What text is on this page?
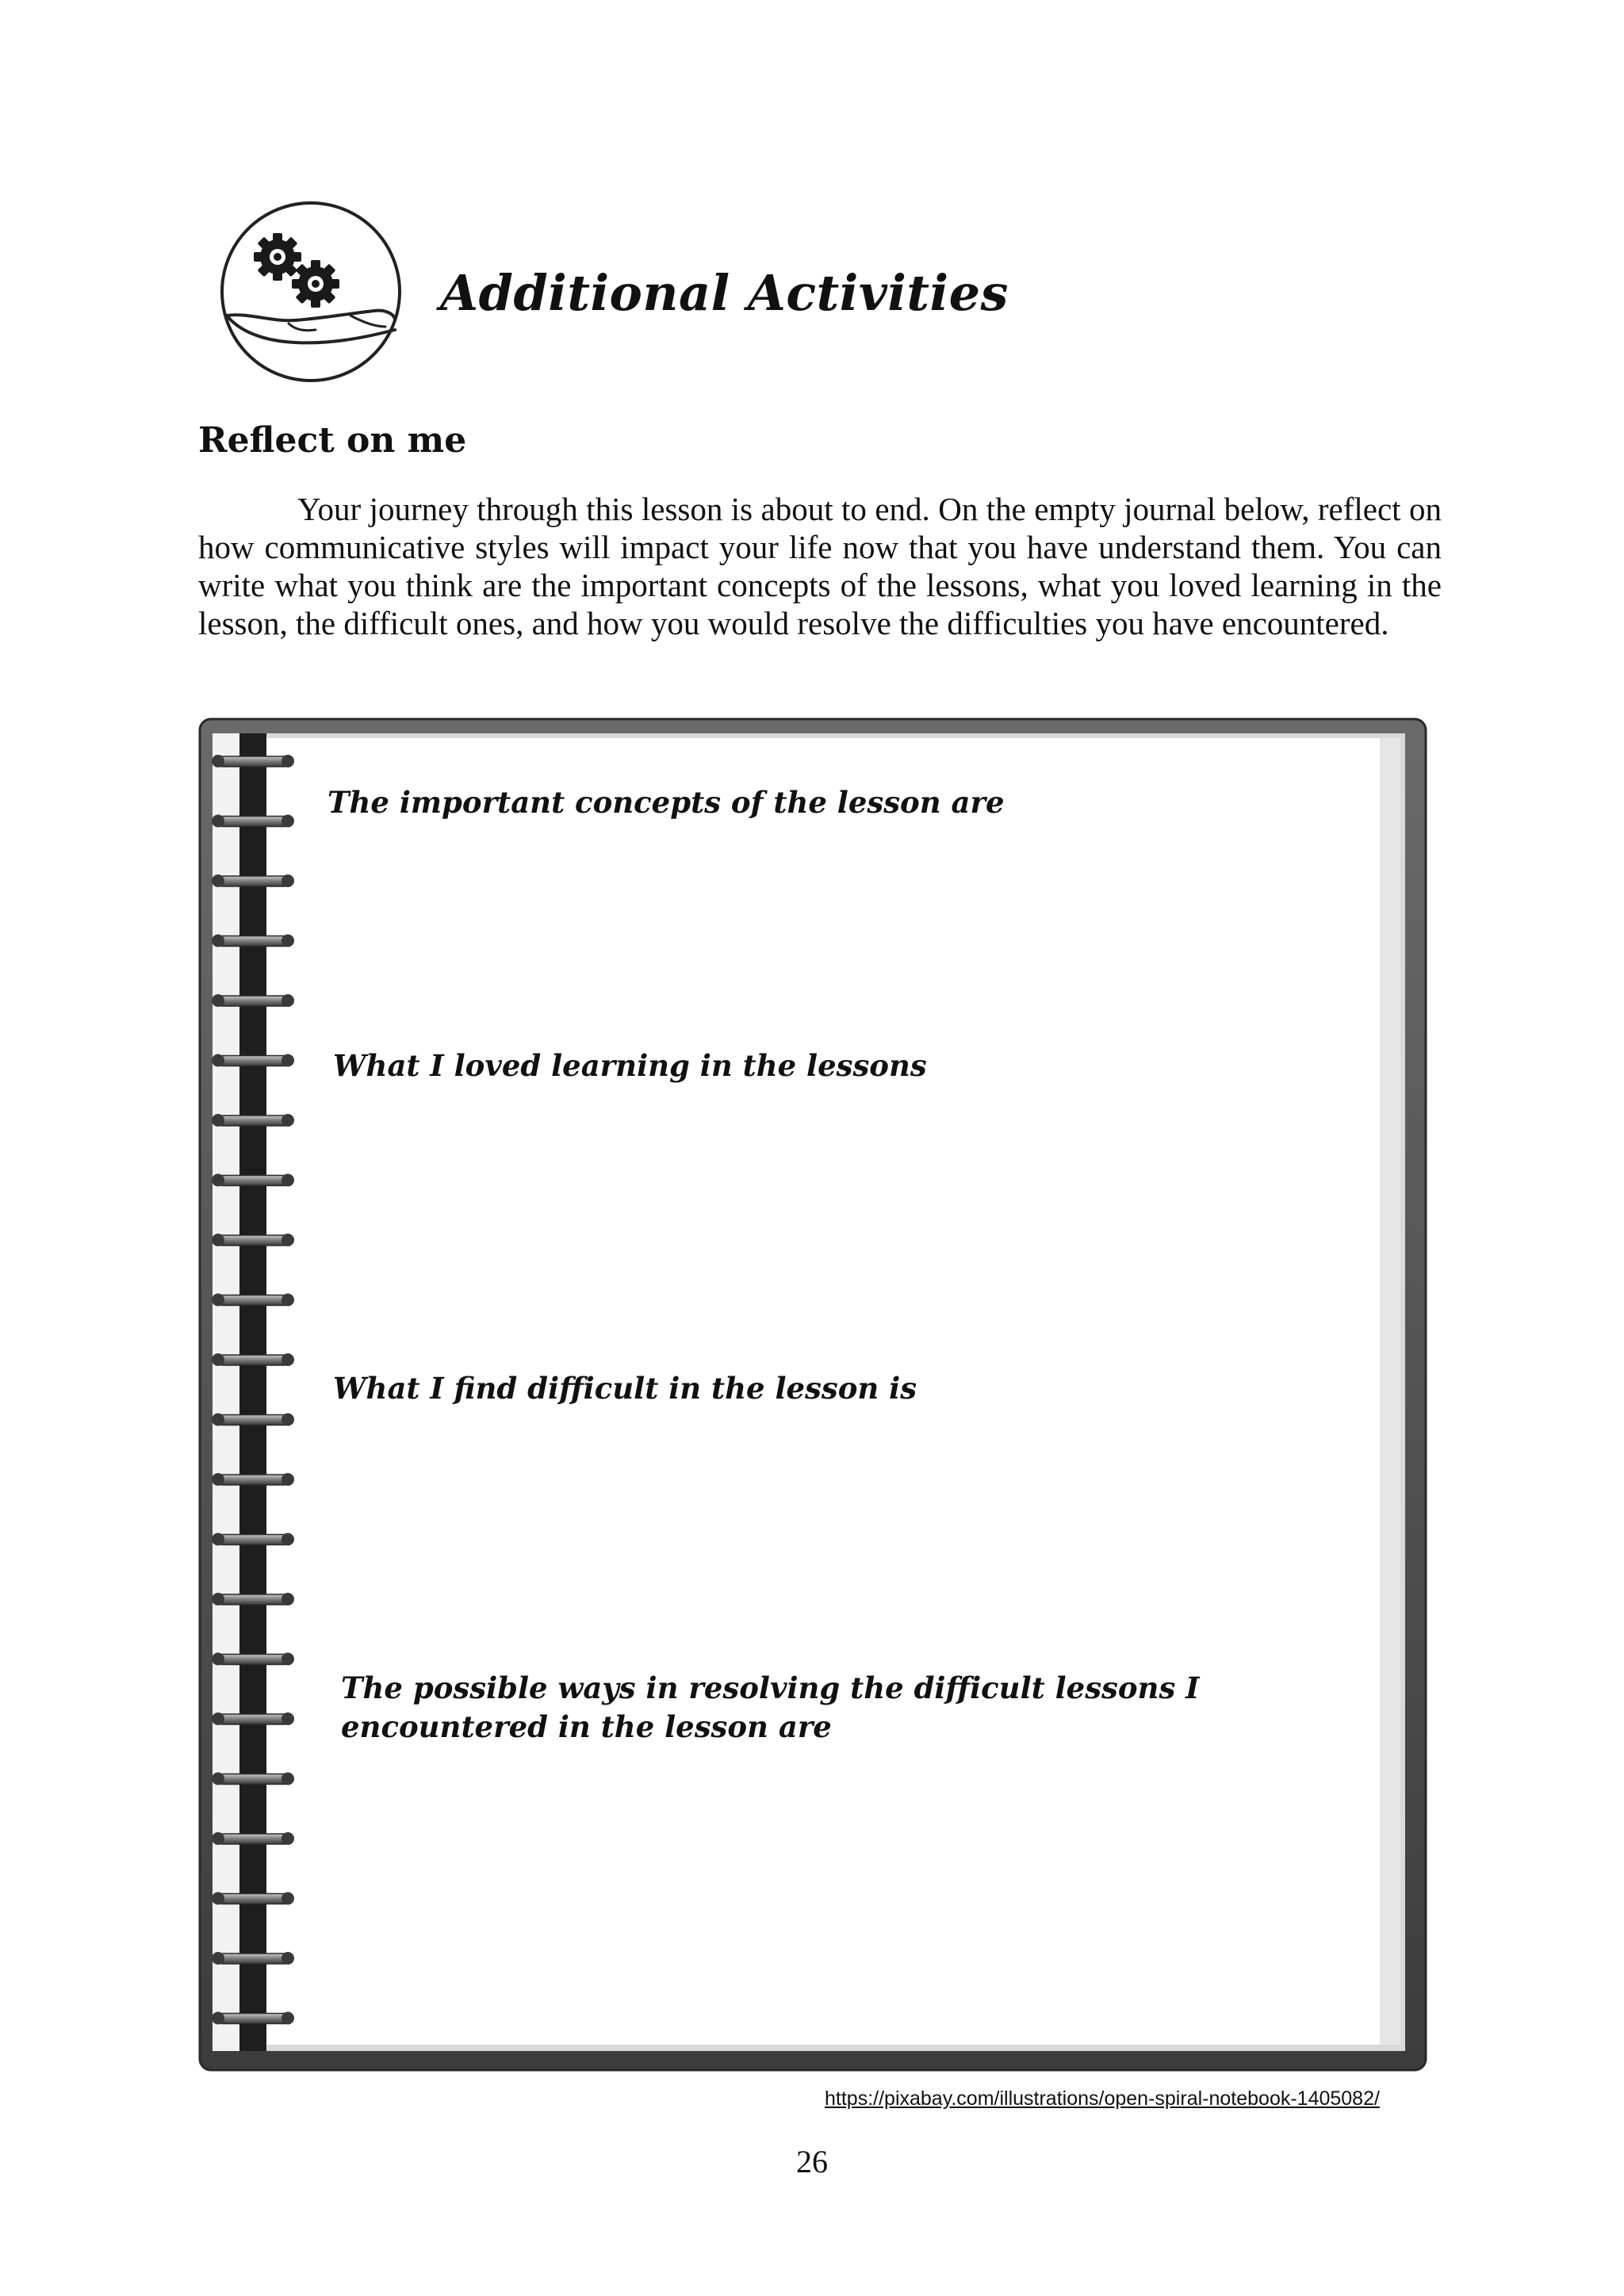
Additional Activities
Reflect on me
Your journey through this lesson is about to end. On the empty journal below, reflect on how communicative styles will impact your life now that you have understand them. You can write what you think are the important concepts of the lessons, what you loved learning in the lesson, the difficult ones, and how you would resolve the difficulties you have encountered.
The important concepts of the lesson are
What I loved learning in the lessons
What I find difficult in the lesson is
The possible ways in resolving the difficult lessons I encountered in the lesson are
https://pixabay.com/illustrations/open-spiral-notebook-1405082/
26
